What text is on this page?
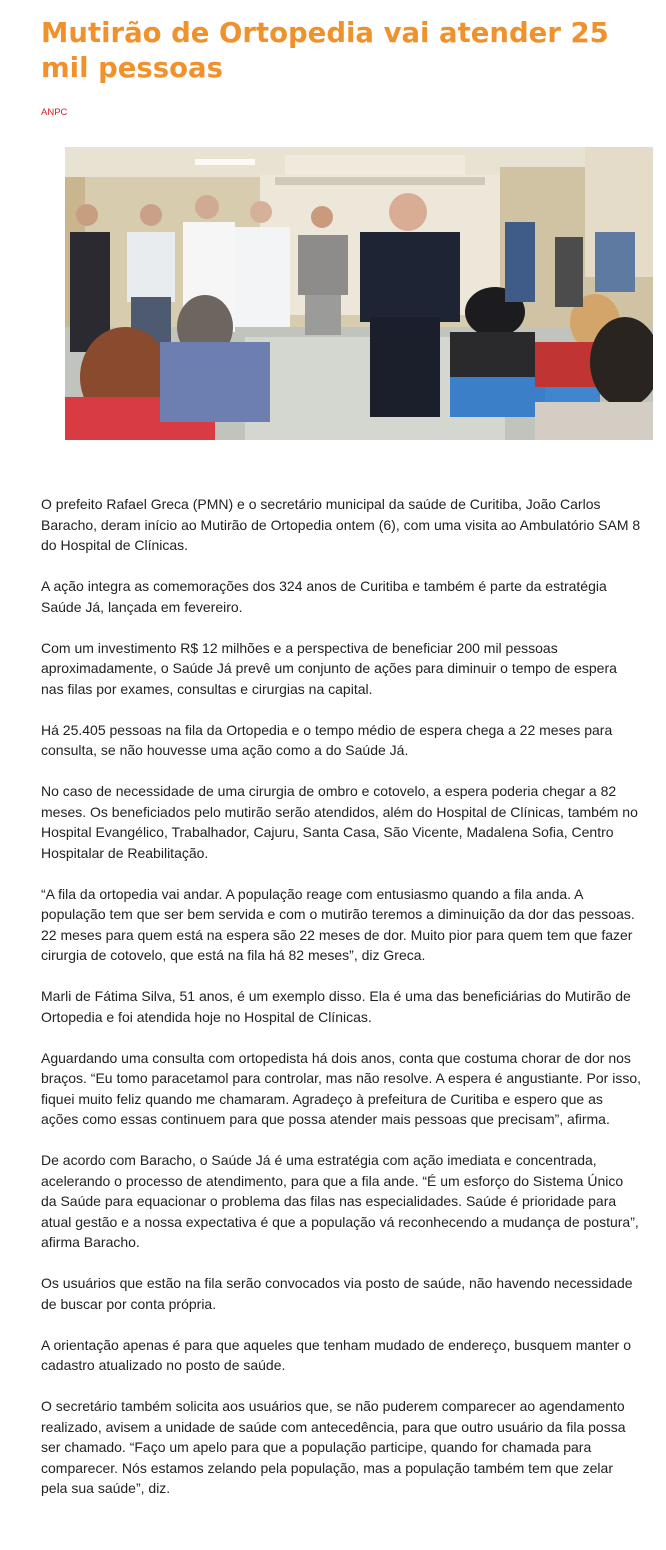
Mutirão de Ortopedia vai atender 25 mil pessoas
ANPC

O prefeito Rafael Greca (PMN) e o secretário municipal da saúde de Curitiba, João Carlos Baracho, deram início ao Mutirão de Ortopedia ontem (6), com uma visita ao Ambulatório SAM 8 do Hospital de Clínicas.

A ação integra as comemorações dos 324 anos de Curitiba e também é parte da estratégia Saúde Já, lançada em fevereiro.

Com um investimento R$ 12 milhões e a perspectiva de beneficiar 200 mil pessoas aproximadamente, o Saúde Já prevê um conjunto de ações para diminuir o tempo de espera nas filas por exames, consultas e cirurgias na capital.

Há 25.405 pessoas na fila da Ortopedia e o tempo médio de espera chega a 22 meses para consulta, se não houvesse uma ação como a do Saúde Já.

No caso de necessidade de uma cirurgia de ombro e cotovelo, a espera poderia chegar a 82 meses. Os beneficiados pelo mutirão serão atendidos, além do Hospital de Clínicas, também no Hospital Evangélico, Trabalhador, Cajuru, Santa Casa, São Vicente, Madalena Sofia, Centro Hospitalar de Reabilitação.

“A fila da ortopedia vai andar. A população reage com entusiasmo quando a fila anda. A população tem que ser bem servida e com o mutirão teremos a diminuição da dor das pessoas. 22 meses para quem está na espera são 22 meses de dor. Muito pior para quem tem que fazer cirurgia de cotovelo, que está na fila há 82 meses”, diz Greca.

Marli de Fátima Silva, 51 anos, é um exemplo disso. Ela é uma das beneficiárias do Mutirão de Ortopedia e foi atendida hoje no Hospital de Clínicas.

Aguardando uma consulta com ortopedista há dois anos, conta que costuma chorar de dor nos braços. “Eu tomo paracetamol para controlar, mas não resolve. A espera é angustiante. Por isso, fiquei muito feliz quando me chamaram. Agradeço à prefeitura de Curitiba e espero que as ações como essas continuem para que possa atender mais pessoas que precisam”, afirma.

De acordo com Baracho, o Saúde Já é uma estratégia com ação imediata e concentrada, acelerando o processo de atendimento, para que a fila ande. “É um esforço do Sistema Único da Saúde para equacionar o problema das filas nas especialidades. Saúde é prioridade para atual gestão e a nossa expectativa é que a população vá reconhecendo a mudança de postura”, afirma Baracho.

Os usuários que estão na fila serão convocados via posto de saúde, não havendo necessidade de buscar por conta própria.

A orientação apenas é para que aqueles que tenham mudado de endereço, busquem manter o cadastro atualizado no posto de saúde.

O secretário também solicita aos usuários que, se não puderem comparecer ao agendamento realizado, avisem a unidade de saúde com antecedência, para que outro usuário da fila possa ser chamado. “Faço um apelo para que a população participe, quando for chamada para comparecer. Nós estamos zelando pela população, mas a população também tem que zelar pela sua saúde”, diz.
